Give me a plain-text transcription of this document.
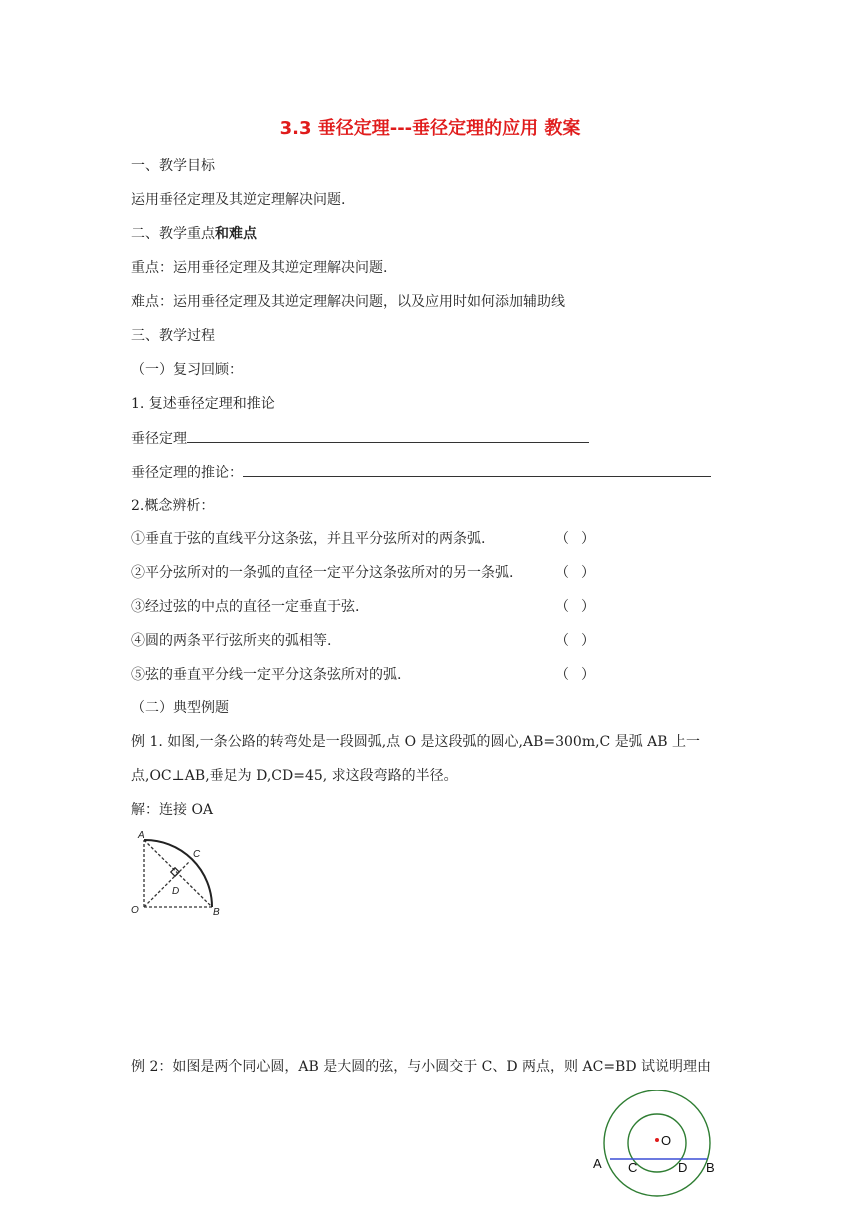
3.3 垂径定理---垂径定理的应用 教案
一、教学目标
运用垂径定理及其逆定理解决问题.
二、教学重点和难点
重点：运用垂径定理及其逆定理解决问题.
难点：运用垂径定理及其逆定理解决问题，以及应用时如何添加辅助线
三、教学过程
（一）复习回顾：
1. 复述垂径定理和推论
垂径定理
垂径定理的推论：
2.概念辨析：
①垂直于弦的直线平分这条弦，并且平分弦所对的两条弧.	（ ）
②平分弦所对的一条弧的直径一定平分这条弦所对的另一条弧.	（ ）
③经过弦的中点的直径一定垂直于弦.	（ ）
④圆的两条平行弦所夹的弧相等.	（ ）
⑤弦的垂直平分线一定平分这条弦所对的弧.	（ ）
（二）典型例题
例 1. 如图,一条公路的转弯处是一段圆弧,点 O 是这段弧的圆心,AB=300m,C 是弧 AB 上一
点,OC⊥AB,垂足为 D,CD=45, 求这段弯路的半径。
解：连接 OA
A
C
D
O	B
例 2：如图是两个同心圆，AB 是大圆的弦，与小圆交于 C、D 两点，则 AC=BD 试说明理由
O
A C	D B
